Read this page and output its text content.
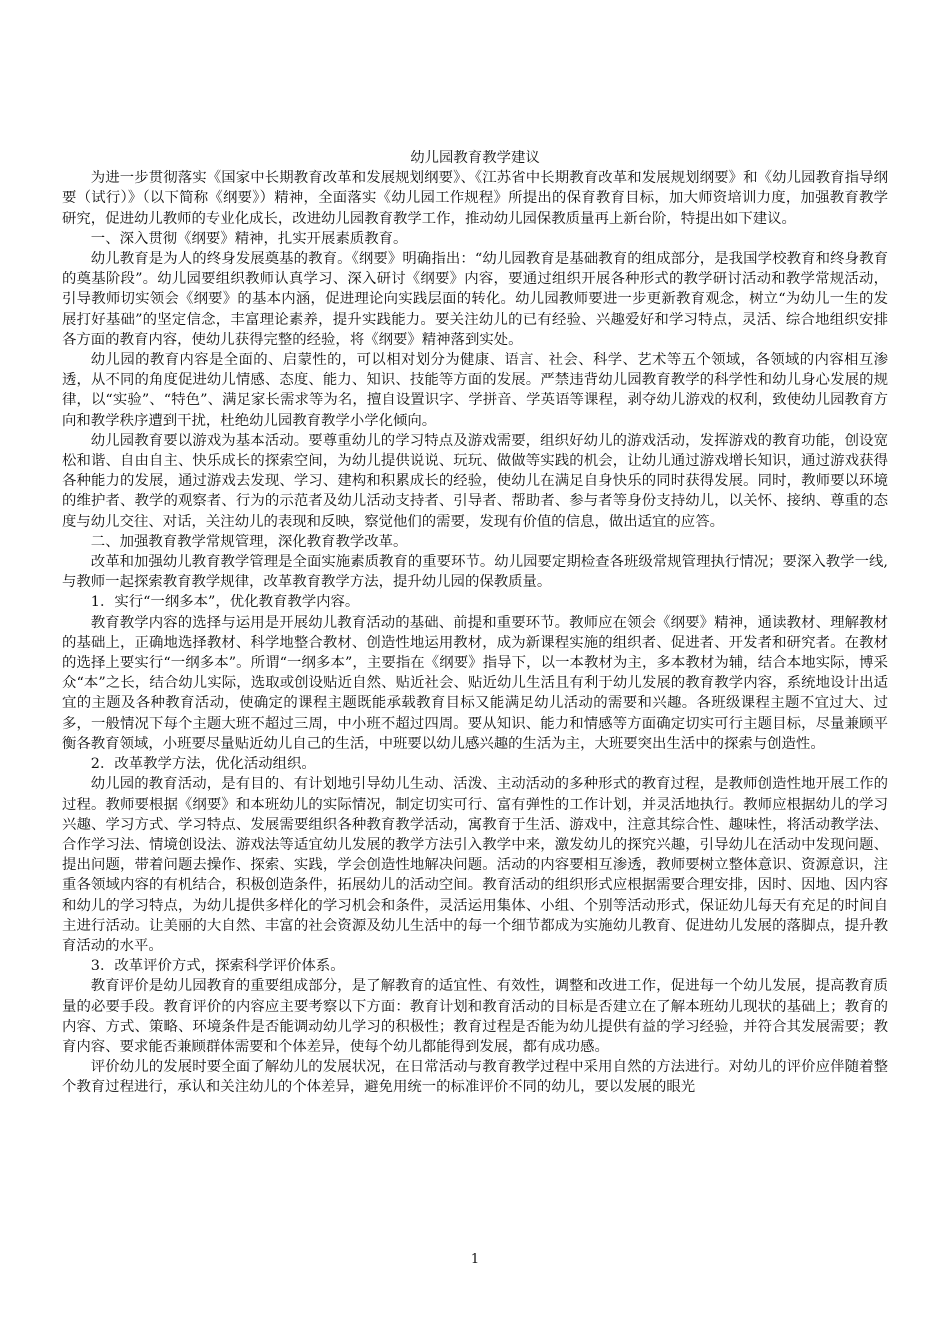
幼儿园教育教学建议

为进一步贯彻落实《国家中长期教育改革和发展规划纲要》、《江苏省中长期教育改革和发展规划纲要》和《幼儿园教育指导纲要（试行）》（以下简称《纲要》）精神，全面落实《幼儿园工作规程》所提出的保育教育目标，加大师资培训力度，加强教育教学研究，促进幼儿教师的专业化成长，改进幼儿园教育教学工作，推动幼儿园保教质量再上新台阶，特提出如下建议。

一、深入贯彻《纲要》精神，扎实开展素质教育。

幼儿教育是为人的终身发展奠基的教育。《纲要》明确指出：“幼儿园教育是基础教育的组成部分，是我国学校教育和终身教育的奠基阶段”。幼儿园要组织教师认真学习、深入研讨《纲要》内容，要通过组织开展各种形式的教学研讨活动和教学常规活动，引导教师切实领会《纲要》的基本内涵，促进理论向实践层面的转化。幼儿园教师要进一步更新教育观念，树立“为幼儿一生的发展打好基础”的坚定信念，丰富理论素养，提升实践能力。要关注幼儿的已有经验、兴趣爱好和学习特点，灵活、综合地组织安排各方面的教育内容，使幼儿获得完整的经验，将《纲要》精神落到实处。

幼儿园的教育内容是全面的、启蒙性的，可以相对划分为健康、语言、社会、科学、艺术等五个领域，各领域的内容相互渗透，从不同的角度促进幼儿情感、态度、能力、知识、技能等方面的发展。严禁违背幼儿园教育教学的科学性和幼儿身心发展的规律，以“实验”、“特色”、满足家长需求等为名，擅自设置识字、学拼音、学英语等课程，剥夺幼儿游戏的权利，致使幼儿园教育方向和教学秩序遭到干扰，杜绝幼儿园教育教学小学化倾向。

幼儿园教育要以游戏为基本活动。要尊重幼儿的学习特点及游戏需要，组织好幼儿的游戏活动，发挥游戏的教育功能，创设宽松和谐、自由自主、快乐成长的探索空间，为幼儿提供说说、玩玩、做做等实践的机会，让幼儿通过游戏增长知识，通过游戏获得各种能力的发展，通过游戏去发现、学习、建构和积累成长的经验，使幼儿在满足自身快乐的同时获得发展。同时，教师要以环境的维护者、教学的观察者、行为的示范者及幼儿活动支持者、引导者、帮助者、参与者等身份支持幼儿，以关怀、接纳、尊重的态度与幼儿交往、对话，关注幼儿的表现和反映，察觉他们的需要，发现有价值的信息，做出适宜的应答。

二、加强教育教学常规管理，深化教育教学改革。

改革和加强幼儿教育教学管理是全面实施素质教育的重要环节。幼儿园要定期检查各班级常规管理执行情况；要深入教学一线,与教师一起探索教育教学规律，改革教育教学方法，提升幼儿园的保教质量。

1．实行“一纲多本”，优化教育教学内容。

教育教学内容的选择与运用是开展幼儿教育活动的基础、前提和重要环节。教师应在领会《纲要》精神，通读教材、理解教材的基础上，正确地选择教材、科学地整合教材、创造性地运用教材，成为新课程实施的组织者、促进者、开发者和研究者。在教材的选择上要实行“一纲多本”。所谓“一纲多本”，主要指在《纲要》指导下，以一本教材为主，多本教材为辅，结合本地实际，博采众“本”之长，结合幼儿实际，选取或创设贴近自然、贴近社会、贴近幼儿生活且有利于幼儿发展的教育教学内容，系统地设计出适宜的主题及各种教育活动，使确定的课程主题既能承载教育目标又能满足幼儿活动的需要和兴趣。各班级课程主题不宜过大、过多，一般情况下每个主题大班不超过三周，中小班不超过四周。要从知识、能力和情感等方面确定切实可行主题目标，尽量兼顾平衡各教育领域，小班要尽量贴近幼儿自己的生活，中班要以幼儿感兴趣的生活为主，大班要突出生活中的探索与创造性。

2．改革教学方法，优化活动组织。

幼儿园的教育活动，是有目的、有计划地引导幼儿生动、活泼、主动活动的多种形式的教育过程，是教师创造性地开展工作的过程。教师要根据《纲要》和本班幼儿的实际情况，制定切实可行、富有弹性的工作计划，并灵活地执行。教师应根据幼儿的学习兴趣、学习方式、学习特点、发展需要组织各种教育教学活动，寓教育于生活、游戏中，注意其综合性、趣味性，将活动教学法、合作学习法、情境创设法、游戏法等适宜幼儿发展的教学方法引入教学中来，激发幼儿的探究兴趣，引导幼儿在活动中发现问题、提出问题，带着问题去操作、探索、实践，学会创造性地解决问题。活动的内容要相互渗透，教师要树立整体意识、资源意识，注重各领域内容的有机结合，积极创造条件，拓展幼儿的活动空间。教育活动的组织形式应根据需要合理安排，因时、因地、因内容和幼儿的学习特点，为幼儿提供多样化的学习机会和条件，灵活运用集体、小组、个别等活动形式，保证幼儿每天有充足的时间自主进行活动。让美丽的大自然、丰富的社会资源及幼儿生活中的每一个细节都成为实施幼儿教育、促进幼儿发展的落脚点，提升教育活动的水平。

3．改革评价方式，探索科学评价体系。

教育评价是幼儿园教育的重要组成部分，是了解教育的适宜性、有效性，调整和改进工作，促进每一个幼儿发展，提高教育质量的必要手段。教育评价的内容应主要考察以下方面：教育计划和教育活动的目标是否建立在了解本班幼儿现状的基础上；教育的内容、方式、策略、环境条件是否能调动幼儿学习的积极性；教育过程是否能为幼儿提供有益的学习经验，并符合其发展需要；教育内容、要求能否兼顾群体需要和个体差异，使每个幼儿都能得到发展，都有成功感。

评价幼儿的发展时要全面了解幼儿的发展状况，在日常活动与教育教学过程中采用自然的方法进行。对幼儿的评价应伴随着整个教育过程进行，承认和关注幼儿的个体差异，避免用统一的标准评价不同的幼儿，要以发展的眼光

1
